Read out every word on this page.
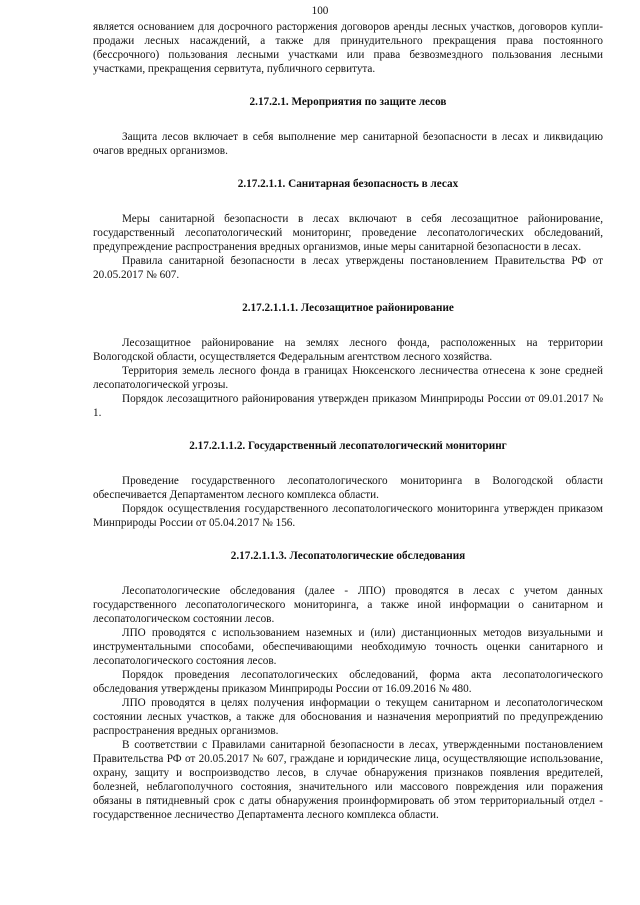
100

является основанием для досрочного расторжения договоров аренды лесных участков, договоров купли-продажи лесных насаждений, а также для принудительного прекращения права постоянного (бессрочного) пользования лесными участками или права безвозмездного пользования лесными участками, прекращения сервитута, публичного сервитута.

2.17.2.1. Мероприятия по защите лесов

Защита лесов включает в себя выполнение мер санитарной безопасности в лесах и ликвидацию очагов вредных организмов.

2.17.2.1.1. Санитарная безопасность в лесах

Меры санитарной безопасности в лесах включают в себя лесозащитное районирование, государственный лесопатологический мониторинг, проведение лесопатологических обследований, предупреждение распространения вредных организмов, иные меры санитарной безопасности в лесах.

Правила санитарной безопасности в лесах утверждены постановлением Правительства РФ от 20.05.2017 № 607.

2.17.2.1.1.1. Лесозащитное районирование

Лесозащитное районирование на землях лесного фонда, расположенных на территории Вологодской области, осуществляется Федеральным агентством лесного хозяйства.

Территория земель лесного фонда в границах Нюксенского лесничества отнесена к зоне средней лесопатологической угрозы.

Порядок лесозащитного районирования утвержден приказом Минприроды России от 09.01.2017 № 1.

2.17.2.1.1.2. Государственный лесопатологический мониторинг

Проведение государственного лесопатологического мониторинга в Вологодской области обеспечивается Департаментом лесного комплекса области.

Порядок осуществления государственного лесопатологического мониторинга утвержден приказом Минприроды России от 05.04.2017 № 156.

2.17.2.1.1.3. Лесопатологические обследования

Лесопатологические обследования (далее - ЛПО) проводятся в лесах с учетом данных государственного лесопатологического мониторинга, а также иной информации о санитарном и лесопатологическом состоянии лесов.

ЛПО проводятся с использованием наземных и (или) дистанционных методов визуальными и инструментальными способами, обеспечивающими необходимую точность оценки санитарного и лесопатологического состояния лесов.

Порядок проведения лесопатологических обследований, форма акта лесопатологического обследования утверждены приказом Минприроды России от 16.09.2016 № 480.

ЛПО проводятся в целях получения информации о текущем санитарном и лесопатологическом состоянии лесных участков, а также для обоснования и назначения мероприятий по предупреждению распространения вредных организмов.

В соответствии с Правилами санитарной безопасности в лесах, утвержденными постановлением Правительства РФ от 20.05.2017 № 607, граждане и юридические лица, осуществляющие использование, охрану, защиту и воспроизводство лесов, в случае обнаружения признаков появления вредителей, болезней, неблагополучного состояния, значительного или массового повреждения или поражения обязаны в пятидневный срок с даты обнаружения проинформировать об этом территориальный отдел - государственное лесничество Департамента лесного комплекса области.
